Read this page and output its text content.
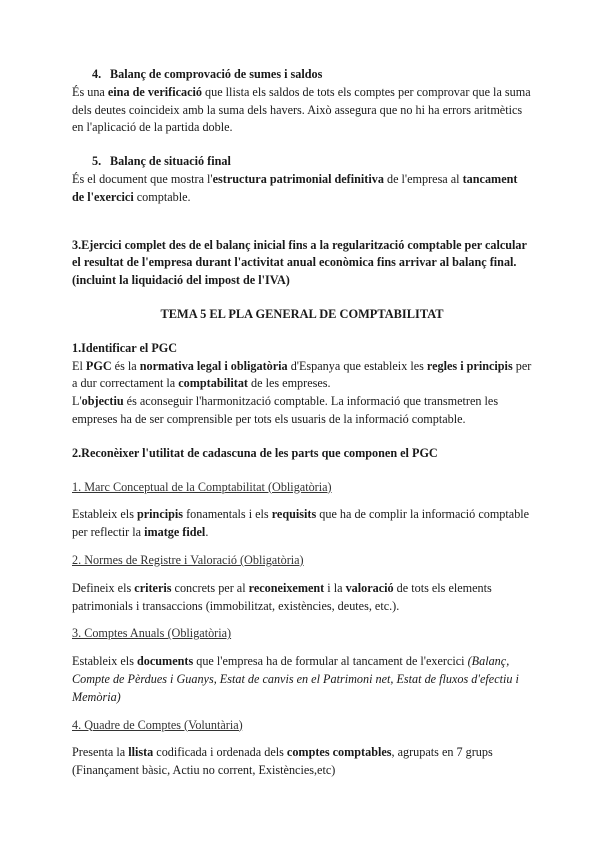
4. Balanç de comprovació de sumes i saldos

És una eina de verificació que llista els saldos de tots els comptes per comprovar que la suma dels deutes coincideix amb la suma dels havers. Això assegura que no hi ha errors aritmètics en l'aplicació de la partida doble.

5. Balanç de situació final

És el document que mostra l'estructura patrimonial definitiva de l'empresa al tancament de l'exercici comptable.

3.Ejercici complet des de el balanç inicial fins a la regularització comptable per calcular el resultat de l'empresa durant l'activitat anual econòmica fins arrivar al balanç final. (incluint la liquidació del impost de l'IVA)

TEMA 5 EL PLA GENERAL DE COMPTABILITAT

1.Identificar el PGC

El PGC és la normativa legal i obligatòria d'Espanya que estableix les regles i principis per a dur correctament la comptabilitat de les empreses.

L'objectiu és aconseguir l'harmonització comptable. La informació que transmetren les empreses ha de ser comprensible per tots els usuaris de la informació comptable.

2.Reconèixer l'utilitat de cadascuna de les parts que componen el PGC

1. Marc Conceptual de la Comptabilitat (Obligatòria)

Estableix els principis fonamentals i els requisits que ha de complir la informació comptable per reflectir la imatge fidel.

2. Normes de Registre i Valoració (Obligatòria)

Defineix els criteris concrets per al reconeixement i la valoració de tots els elements patrimonials i transaccions (immobilitzat, existències, deutes, etc.).

3. Comptes Anuals (Obligatòria)

Estableix els documents que l'empresa ha de formular al tancament de l'exercici (Balanç, Compte de Pèrdues i Guanys, Estat de canvis en el Patrimoni net, Estat de fluxos d'efectiu i Memòria)

4. Quadre de Comptes (Voluntària)

Presenta la llista codificada i ordenada dels comptes comptables, agrupats en 7 grups (Finançament bàsic, Actiu no corrent, Existències,etc)
